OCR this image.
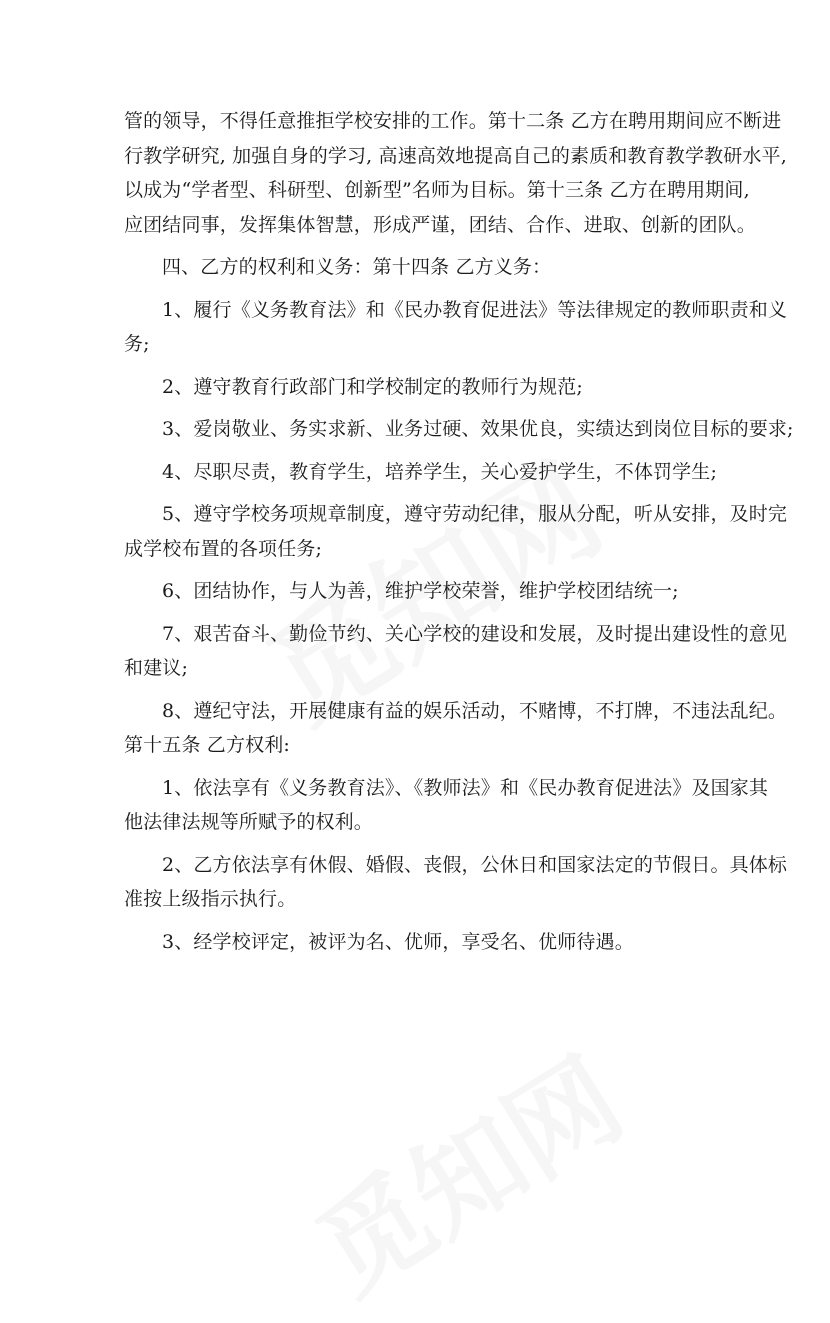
管的领导，不得任意推拒学校安排的工作。第十二条 乙方在聘用期间应不断进
行教学研究, 加强自身的学习, 高速高效地提高自己的素质和教育教学教研水平,
以成为“学者型、科研型、创新型”名师为目标。第十三条 乙方在聘用期间,
应团结同事，发挥集体智慧，形成严谨，团结、合作、进取、创新的团队。
四、乙方的权利和义务：第十四条 乙方义务：
1、履行《义务教育法》和《民办教育促进法》等法律规定的教师职责和义
务;
2、遵守教育行政部门和学校制定的教师行为规范;
3、爱岗敬业、务实求新、业务过硬、效果优良，实绩达到岗位目标的要求;
4、尽职尽责，教育学生，培养学生，关心爱护学生，不体罚学生;
5、遵守学校务项规章制度，遵守劳动纪律，服从分配，听从安排，及时完
成学校布置的各项任务;
6、团结协作，与人为善，维护学校荣誉，维护学校团结统一;
7、艰苦奋斗、勤俭节约、关心学校的建设和发展，及时提出建设性的意见
和建议;
8、遵纪守法，开展健康有益的娱乐活动，不赌博，不打牌，不违法乱纪。
第十五条 乙方权利:
1、依法享有《义务教育法》、《教师法》和《民办教育促进法》及国家其
他法律法规等所赋予的权利。
2、乙方依法享有休假、婚假、丧假，公休日和国家法定的节假日。具体标
准按上级指示执行。
3、经学校评定，被评为名、优师，享受名、优师待遇。
